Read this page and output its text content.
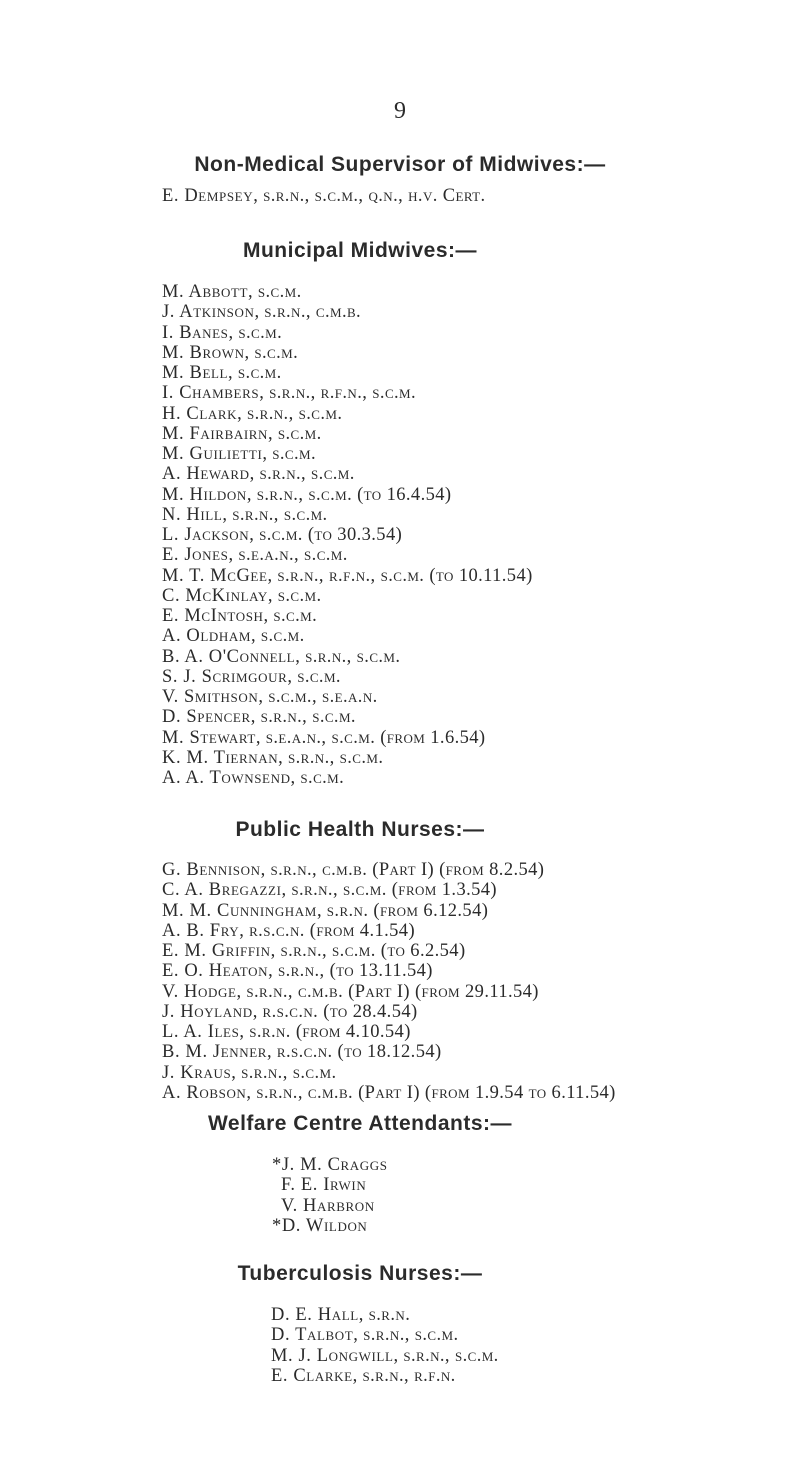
9
Non-Medical Supervisor of Midwives:—
E. Dempsey, s.r.n., s.c.m., q.n., h.v. Cert.
Municipal Midwives:—
M. Abbott, s.c.m.
J. Atkinson, s.r.n., c.m.b.
I. Banes, s.c.m.
M. Brown, s.c.m.
M. Bell, s.c.m.
I. Chambers, s.r.n., r.f.n., s.c.m.
H. Clark, s.r.n., s.c.m.
M. Fairbairn, s.c.m.
M. Guilietti, s.c.m.
A. Heward, s.r.n., s.c.m.
M. Hildon, s.r.n., s.c.m. (to 16.4.54)
N. Hill, s.r.n., s.c.m.
L. Jackson, s.c.m. (to 30.3.54)
E. Jones, s.e.a.n., s.c.m.
M. T. McGee, s.r.n., r.f.n., s.c.m. (to 10.11.54)
C. McKinlay, s.c.m.
E. McIntosh, s.c.m.
A. Oldham, s.c.m.
B. A. O'Connell, s.r.n., s.c.m.
S. J. Scrimgour, s.c.m.
V. Smithson, s.c.m., s.e.a.n.
D. Spencer, s.r.n., s.c.m.
M. Stewart, s.e.a.n., s.c.m. (from 1.6.54)
K. M. Tiernan, s.r.n., s.c.m.
A. A. Townsend, s.c.m.
Public Health Nurses:—
G. Bennison, s.r.n., c.m.b. (Part I) (from 8.2.54)
C. A. Bregazzi, s.r.n., s.c.m. (from 1.3.54)
M. M. Cunningham, s.r.n. (from 6.12.54)
A. B. Fry, r.s.c.n. (from 4.1.54)
E. M. Griffin, s.r.n., s.c.m. (to 6.2.54)
E. O. Heaton, s.r.n., (to 13.11.54)
V. Hodge, s.r.n., c.m.b. (Part I) (from 29.11.54)
J. Hoyland, r.s.c.n. (to 28.4.54)
L. A. Iles, s.r.n. (from 4.10.54)
B. M. Jenner, r.s.c.n. (to 18.12.54)
J. Kraus, s.r.n., s.c.m.
A. Robson, s.r.n., c.m.b. (Part I) (from 1.9.54 to 6.11.54)
Welfare Centre Attendants:—
*J. M. Craggs
F. E. Irwin
V. Harbron
*D. Wildon
Tuberculosis Nurses:—
D. E. Hall, s.r.n.
D. Talbot, s.r.n., s.c.m.
M. J. Longwill, s.r.n., s.c.m.
E. Clarke, s.r.n., r.f.n.
